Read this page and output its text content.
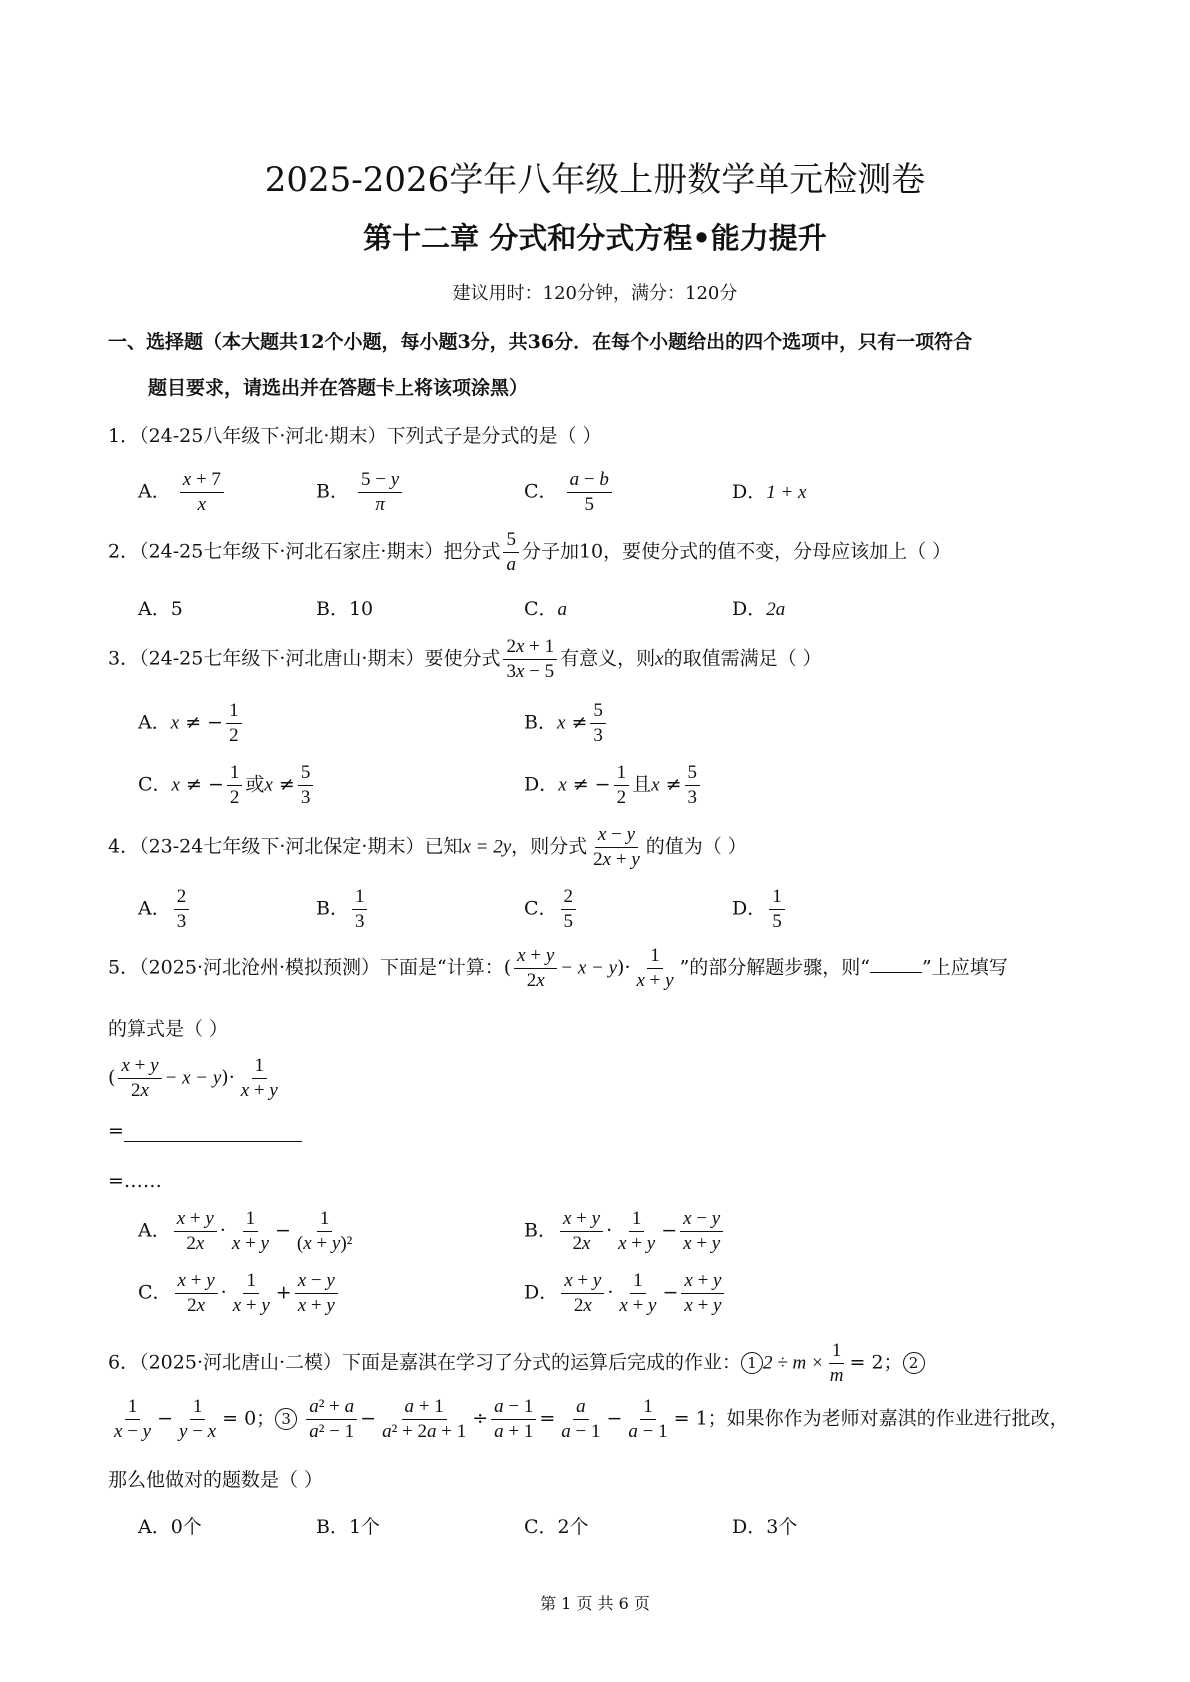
2025-2026学年八年级上册数学单元检测卷
第十二章 分式和分式方程•能力提升
建议用时：120分钟，满分：120分
一、选择题（本大题共12个小题，每小题3分，共36分．在每个小题给出的四个选项中，只有一项符合
题目要求，请选出并在答题卡上将该项涂黑）
1．（24-25八年级下·河北·期末）下列式子是分式的是（ ）
A． $\frac{x + 7}{x}$	B． $\frac{5 - y}{\pi}$	C． $\frac{a - b}{5}$	D．1 + x
2．（24-25七年级下·河北石家庄·期末）把分式 $\frac{5}{a}$ 分子加10，要使分式的值不变，分母应该加上（ ）
A．5	B．10	C．a	D．2a
3．（24-25七年级下·河北唐山·期末）要使分式 $\frac{2x + 1}{3x - 5}$ 有意义，则x的取值需满足（ ）
A．x ≠ − $\frac{1}{2}$	B．$x \ne \frac{5}{3}$
C．x ≠ − $\frac{1}{2}$ 或$x \ne \frac{5}{3}$	D．x ≠ − $\frac{1}{2}$ 且$x \ne \frac{5}{3}$
4．（23-24七年级下·河北保定·期末）已知x = 2y，则分式 $\frac{x - y}{2x + y}$ 的值为（ ）
A． $\frac{2}{3}$	B． $\frac{1}{3}$	C． $\frac{2}{5}$	D． $\frac{1}{5}$
5．（2025·河北沧州·模拟预测）下面是“计算：( $\frac{x + y}{2x} - x - y)\cdot \frac{1}{x + y}$ ”的部分解题步骤，则“	”上应填写
的算式是（ ）
( $\frac{x + y}{2x} - x - y)\cdot \frac{1}{x + y}$
=
=……
A． $\frac{x + y}{2x} \cdot \frac{1}{x + y} - \frac{1}{\text{(x + y)²}}$	B． $\frac{x + y}{2x} \cdot \frac{1}{x + y} - \frac{x - y}{x + y}$
C． $\frac{x + y}{2x} \cdot \frac{1}{x + y} + \frac{x - y}{x + y}$	D． $\frac{x + y}{2x} \cdot \frac{1}{x + y} - \frac{x + y}{x + y}$
6．（2025·河北唐山·二模）下面是嘉淇在学习了分式的运算后完成的作业： 1 $2 \div m \times \frac{1}{m} = 2$； 2
$\frac{1}{x - y} - \frac{1}{y - x} = 0$； $3 \frac{\text{a² + a}}{\text{a² − 1}} - \frac{a + 1}{\text{a² + 2a + 1}} \div \frac{a - 1}{a + 1} = \frac{a}{a - 1} - \frac{1}{a - 1} = 1$；如果你作为老师对嘉淇的作业进行批改，
那么他做对的题数是（ ）
A．0个	B．1个	C．2个	D．3个
第 1 页 共 6 页
